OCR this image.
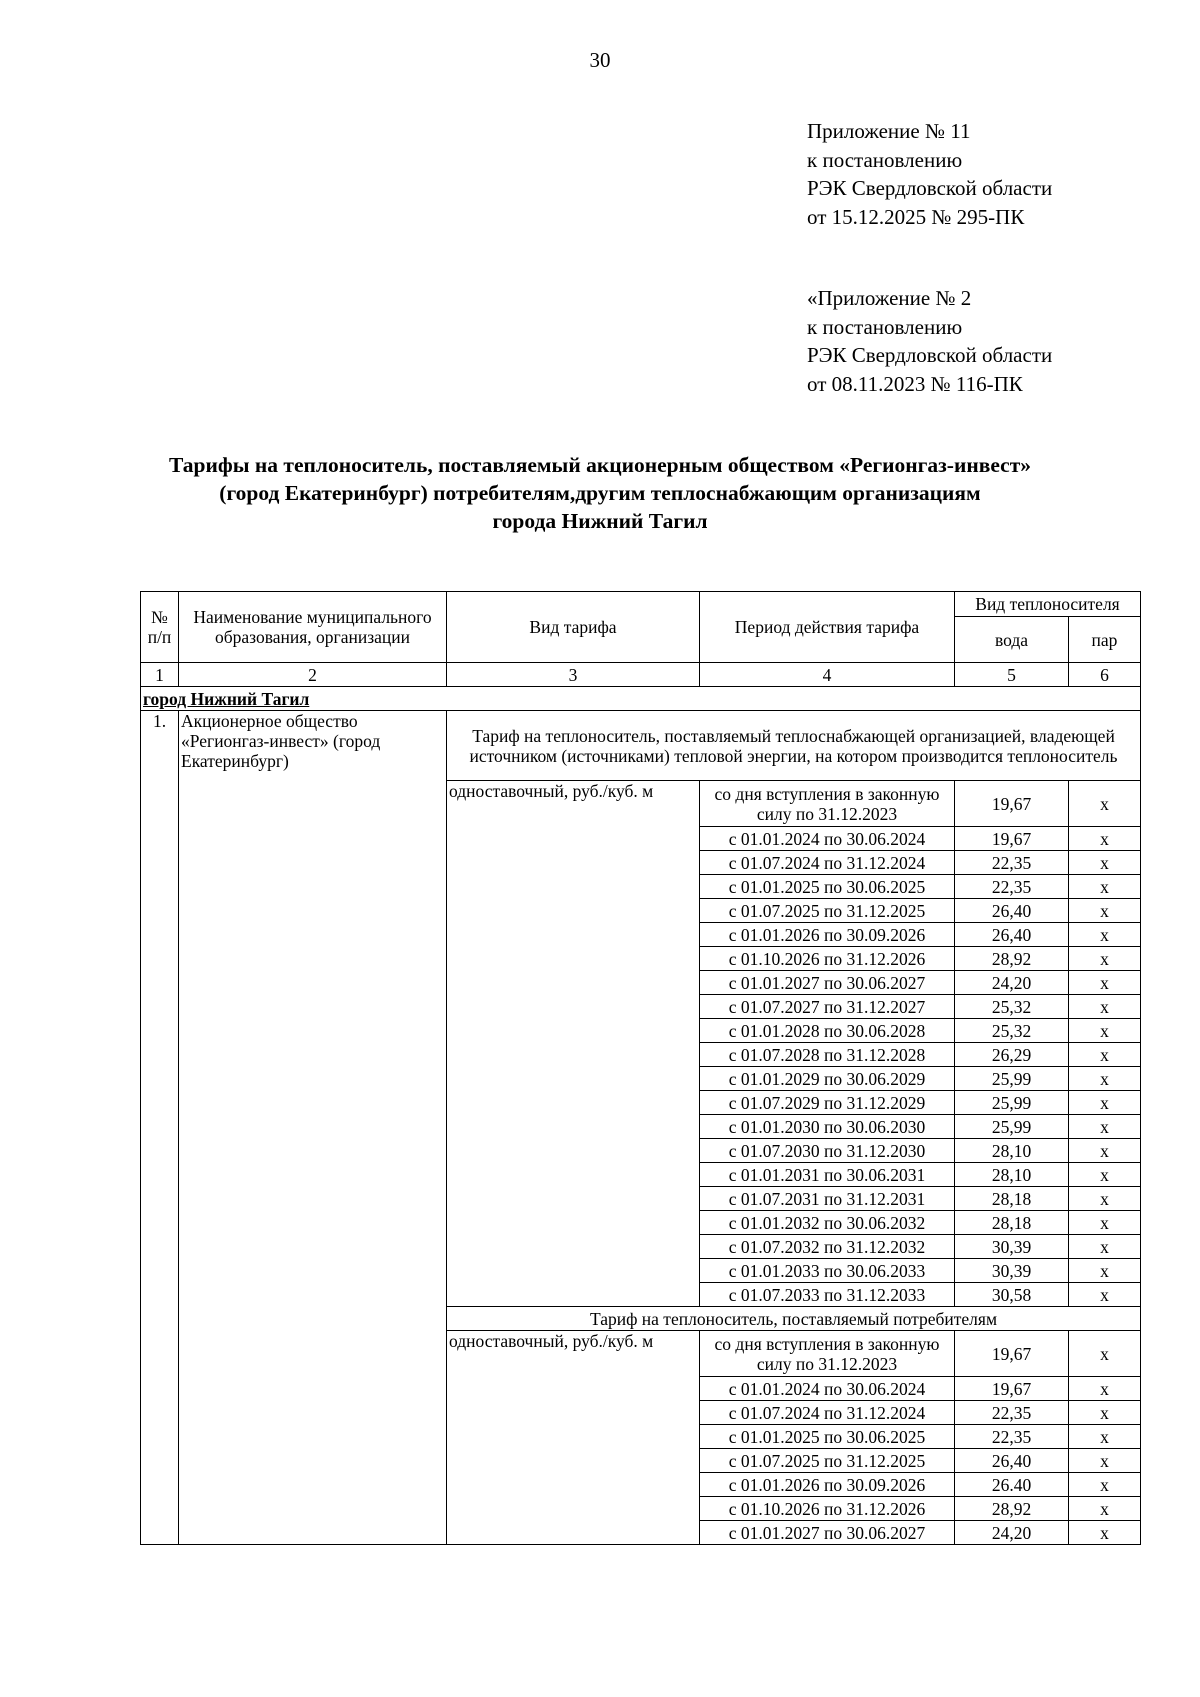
30
Приложение № 11
к постановлению
РЭК Свердловской области
от 15.12.2025 № 295-ПК
«Приложение № 2
к постановлению
РЭК Свердловской области
от 08.11.2023 № 116-ПК
Тарифы на теплоноситель, поставляемый акционерным обществом «Регионгаз-инвест»
(город Екатеринбург) потребителям,другим теплоснабжающим организациям
города Нижний Тагил
№ п/п	Наименование муниципального образования, организации	Вид тарифа	Период действия тарифа	Вид теплоносителя	
				вода	пар
1	2	3	4	5	6
город Нижний Тагил					
1.	Акционерное общество «Регионгаз-инвест» (город Екатеринбург)	Тариф на теплоноситель, поставляемый теплоснабжающей организацией, владеющей источником (источниками) тепловой энергии, на котором производится теплоноситель			
		одноставочный, руб./куб. м	со дня вступления в законную силу по 31.12.2023	19,67	x
			с 01.01.2024 по 30.06.2024	19,67	x
			с 01.07.2024 по 31.12.2024	22,35	x
			с 01.01.2025 по 30.06.2025	22,35	x
			с 01.07.2025 по 31.12.2025	26,40	x
			с 01.01.2026 по 30.09.2026	26,40	x
			с 01.10.2026 по 31.12.2026	28,92	x
			с 01.01.2027 по 30.06.2027	24,20	x
			с 01.07.2027 по 31.12.2027	25,32	x
			с 01.01.2028 по 30.06.2028	25,32	x
			с 01.07.2028 по 31.12.2028	26,29	x
			с 01.01.2029 по 30.06.2029	25,99	x
			с 01.07.2029 по 31.12.2029	25,99	x
			с 01.01.2030 по 30.06.2030	25,99	x
			с 01.07.2030 по 31.12.2030	28,10	x
			с 01.01.2031 по 30.06.2031	28,10	x
			с 01.07.2031 по 31.12.2031	28,18	x
			с 01.01.2032 по 30.06.2032	28,18	x
			с 01.07.2032 по 31.12.2032	30,39	x
			с 01.01.2033 по 30.06.2033	30,39	x
			с 01.07.2033 по 31.12.2033	30,58	x
		Тариф на теплоноситель, поставляемый потребителям			
		одноставочный, руб./куб. м	со дня вступления в законную силу по 31.12.2023	19,67	x
			с 01.01.2024 по 30.06.2024	19,67	x
			с 01.07.2024 по 31.12.2024	22,35	x
			с 01.01.2025 по 30.06.2025	22,35	x
			с 01.07.2025 по 31.12.2025	26,40	x
			с 01.01.2026 по 30.09.2026	26.40	x
			с 01.10.2026 по 31.12.2026	28,92	x
			с 01.01.2027 по 30.06.2027	24,20	x
